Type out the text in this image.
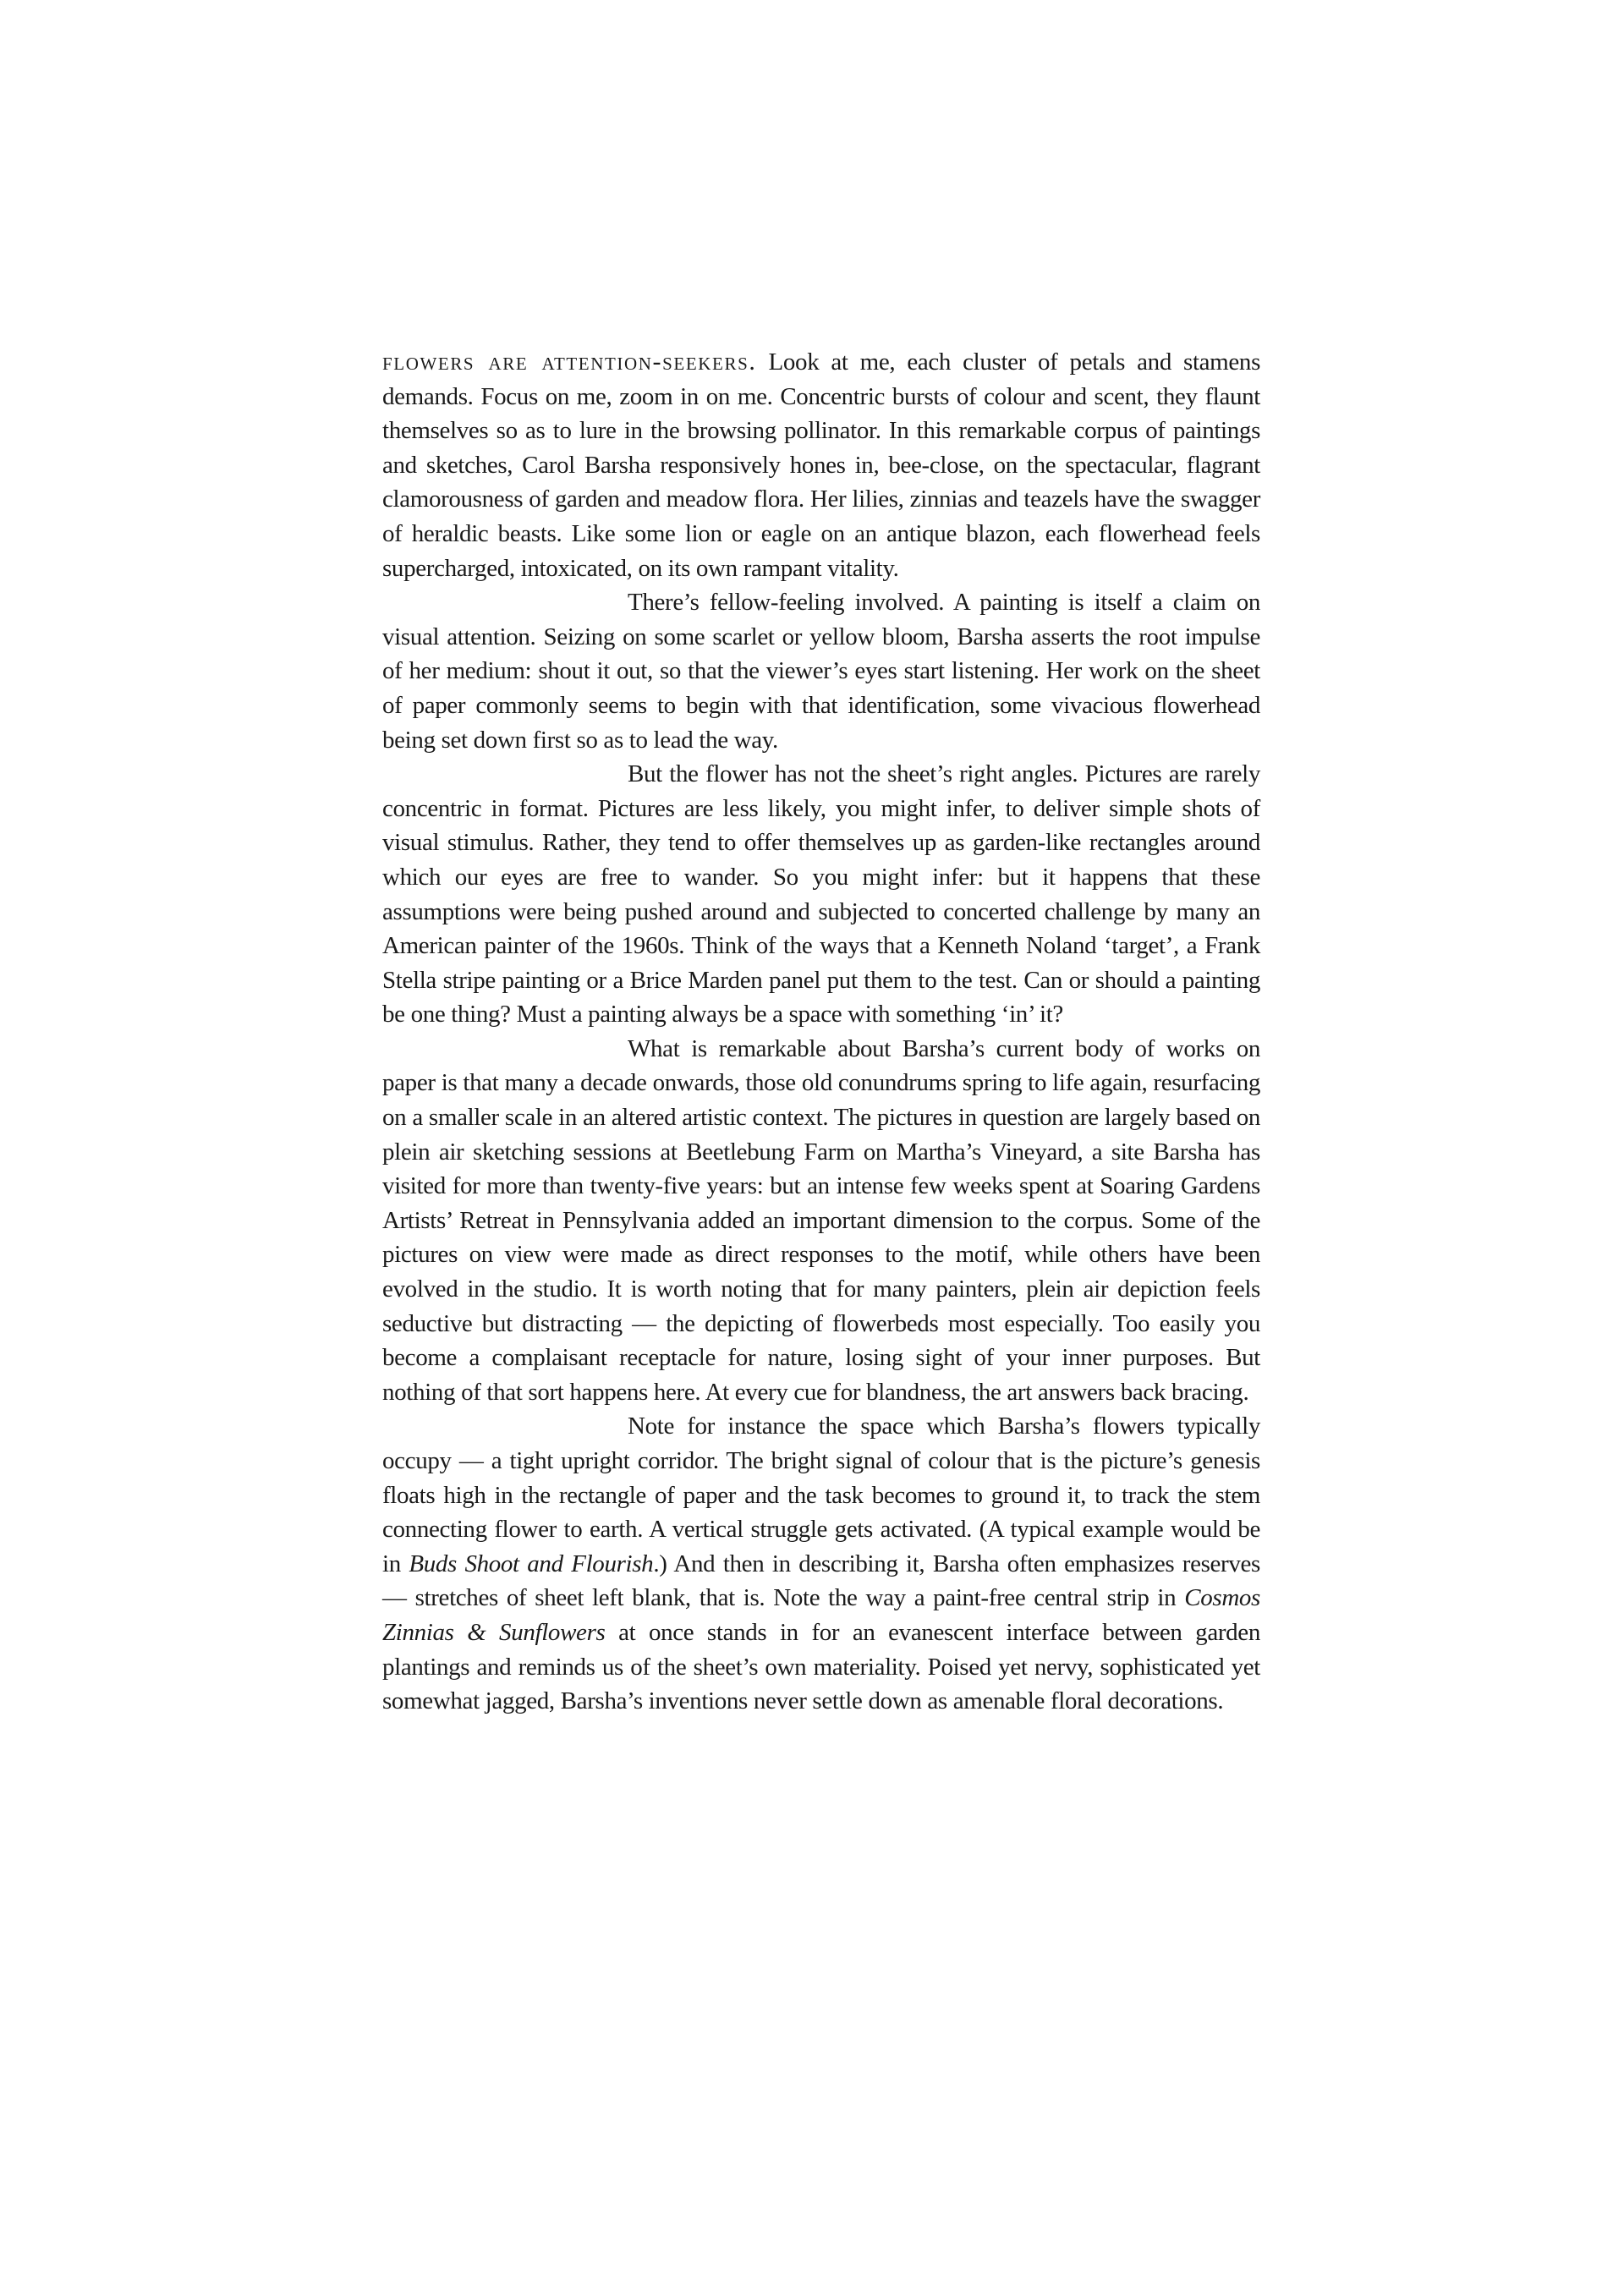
flowers are attention-seekers. Look at me, each cluster of petals and stamens demands. Focus on me, zoom in on me. Concentric bursts of colour and scent, they flaunt themselves so as to lure in the browsing pollinator. In this remarkable corpus of paintings and sketches, Carol Barsha responsively hones in, bee-close, on the spectacular, flagrant clamorousness of garden and meadow flora. Her lilies, zinnias and teazels have the swagger of heraldic beasts. Like some lion or eagle on an antique blazon, each flowerhead feels supercharged, intoxicated, on its own rampant vitality.

There’s fellow-feeling involved. A painting is itself a claim on visual attention. Seizing on some scarlet or yellow bloom, Barsha asserts the root impulse of her medium: shout it out, so that the viewer’s eyes start listening. Her work on the sheet of paper commonly seems to begin with that identification, some vivacious flowerhead being set down first so as to lead the way.

But the flower has not the sheet’s right angles. Pictures are rarely concentric in format. Pictures are less likely, you might infer, to deliver simple shots of visual stimulus. Rather, they tend to offer themselves up as garden-like rectangles around which our eyes are free to wander. So you might infer: but it happens that these assumptions were being pushed around and subjected to concerted challenge by many an American painter of the 1960s. Think of the ways that a Kenneth Noland ‘target’, a Frank Stella stripe painting or a Brice Marden panel put them to the test. Can or should a painting be one thing? Must a painting always be a space with something ‘in’ it?

What is remarkable about Barsha’s current body of works on paper is that many a decade onwards, those old conundrums spring to life again, resurfacing on a smaller scale in an altered artistic context. The pictures in question are largely based on plein air sketching sessions at Beetlebung Farm on Martha’s Vineyard, a site Barsha has visited for more than twenty-five years: but an intense few weeks spent at Soaring Gardens Artists’ Retreat in Pennsylvania added an important dimension to the corpus. Some of the pictures on view were made as direct responses to the motif, while others have been evolved in the studio. It is worth noting that for many painters, plein air depiction feels seductive but distracting — the depicting of flowerbeds most especially. Too easily you become a complaisant receptacle for nature, losing sight of your inner purposes. But nothing of that sort happens here. At every cue for blandness, the art answers back bracing.

Note for instance the space which Barsha’s flowers typically occupy — a tight upright corridor. The bright signal of colour that is the picture’s genesis floats high in the rectangle of paper and the task becomes to ground it, to track the stem connecting flower to earth. A vertical struggle gets activated. (A typical example would be in Buds Shoot and Flourish.) And then in describing it, Barsha often emphasizes reserves — stretches of sheet left blank, that is. Note the way a paint-free central strip in Cosmos Zinnias & Sunflowers at once stands in for an evanescent interface between garden plantings and reminds us of the sheet’s own materiality. Poised yet nervy, sophisticated yet somewhat jagged, Barsha’s inventions never settle down as amenable floral decorations.
